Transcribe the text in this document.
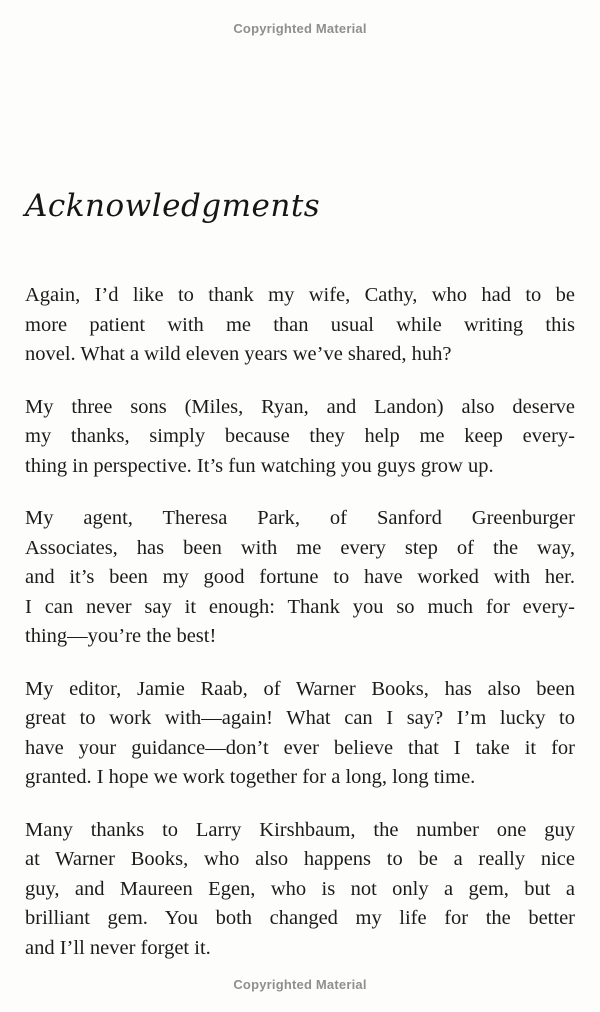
Copyrighted Material
Acknowledgments

Again, I’d like to thank my wife, Cathy, who had to be
more patient with me than usual while writing this
novel. What a wild eleven years we’ve shared, huh?

My three sons (Miles, Ryan, and Landon) also deserve
my thanks, simply because they help me keep every-
thing in perspective. It’s fun watching you guys grow up.

My agent, Theresa Park, of Sanford Greenburger
Associates, has been with me every step of the way,
and it’s been my good fortune to have worked with her.
I can never say it enough: Thank you so much for every-
thing—you’re the best!

My editor, Jamie Raab, of Warner Books, has also been
great to work with—again! What can I say? I’m lucky to
have your guidance—don’t ever believe that I take it for
granted. I hope we work together for a long, long time.

Many thanks to Larry Kirshbaum, the number one guy
at Warner Books, who also happens to be a really nice
guy, and Maureen Egen, who is not only a gem, but a
brilliant gem. You both changed my life for the better
and I’ll never forget it.

Copyrighted Material
